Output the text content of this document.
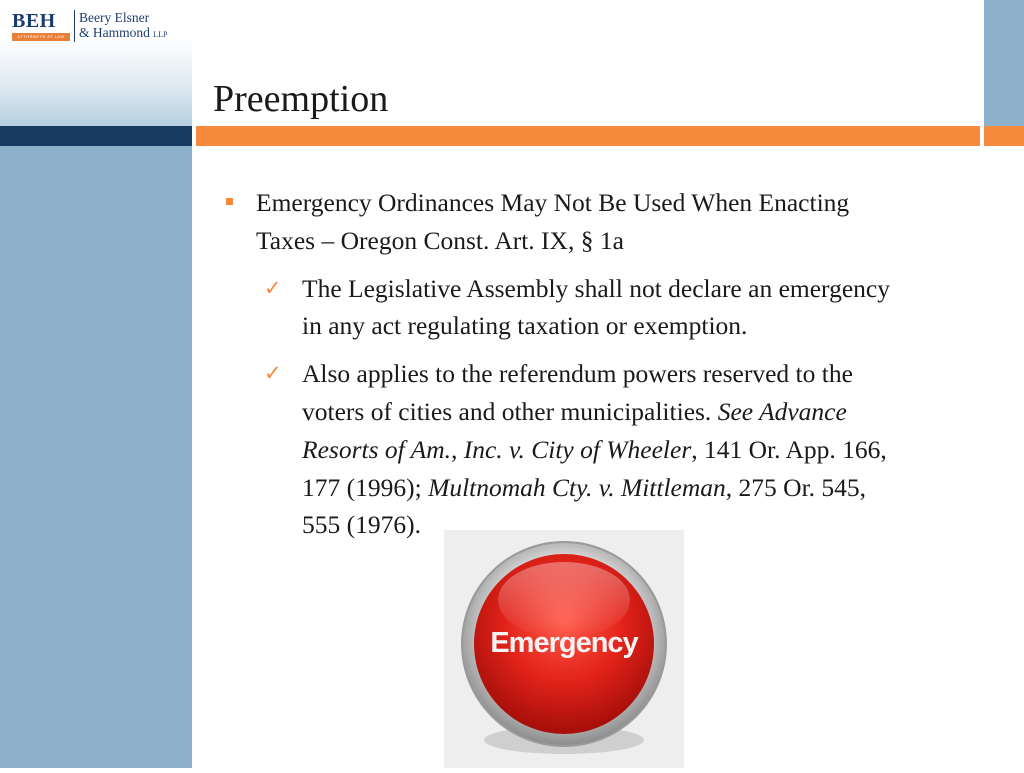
BEH
ATTORNEYS AT LAW
Beery Elsner
& Hammond LLP
Preemption
Emergency Ordinances May Not Be Used When Enacting
Taxes – Oregon Const. Art. IX, § 1a
✓ The Legislative Assembly shall not declare an emergency
in any act regulating taxation or exemption.
✓ Also applies to the referendum powers reserved to the
voters of cities and other municipalities. See Advance
Resorts of Am., Inc. v. City of Wheeler, 141 Or. App. 166,
177 (1996); Multnomah Cty. v. Mittleman, 275 Or. 545,
555 (1976).
Emergency
